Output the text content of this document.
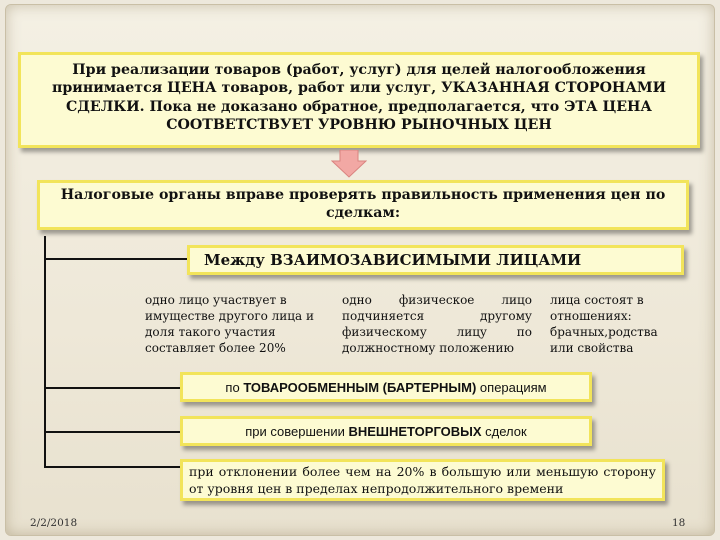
При реализации товаров (работ, услуг) для целей налогообложения принимается ЦЕНА товаров, работ или услуг, УКАЗАННАЯ СТОРОНАМИ СДЕЛКИ. Пока не доказано обратное, предполагается, что ЭТА ЦЕНА СООТВЕТСТВУЕТ УРОВНЮ РЫНОЧНЫХ ЦЕН
Налоговые органы вправе проверять правильность применения цен по сделкам:
Между ВЗАИМОЗАВИСИМЫМИ ЛИЦАМИ
одно лицо участвует в имуществе другого лица и доля такого участия составляет более 20%
одно физическое лицо подчиняется другому физическому лицу по должностному положению
лица состоят в отношениях: брачных,родства или свойства
по ТОВАРООБМЕННЫМ (БАРТЕРНЫМ) операциям
при совершении ВНЕШНЕТОРГОВЫХ сделок
при отклонении более чем на 20% в большую или меньшую сторону от уровня цен в пределах непродолжительного времени
2/2/2018	18
